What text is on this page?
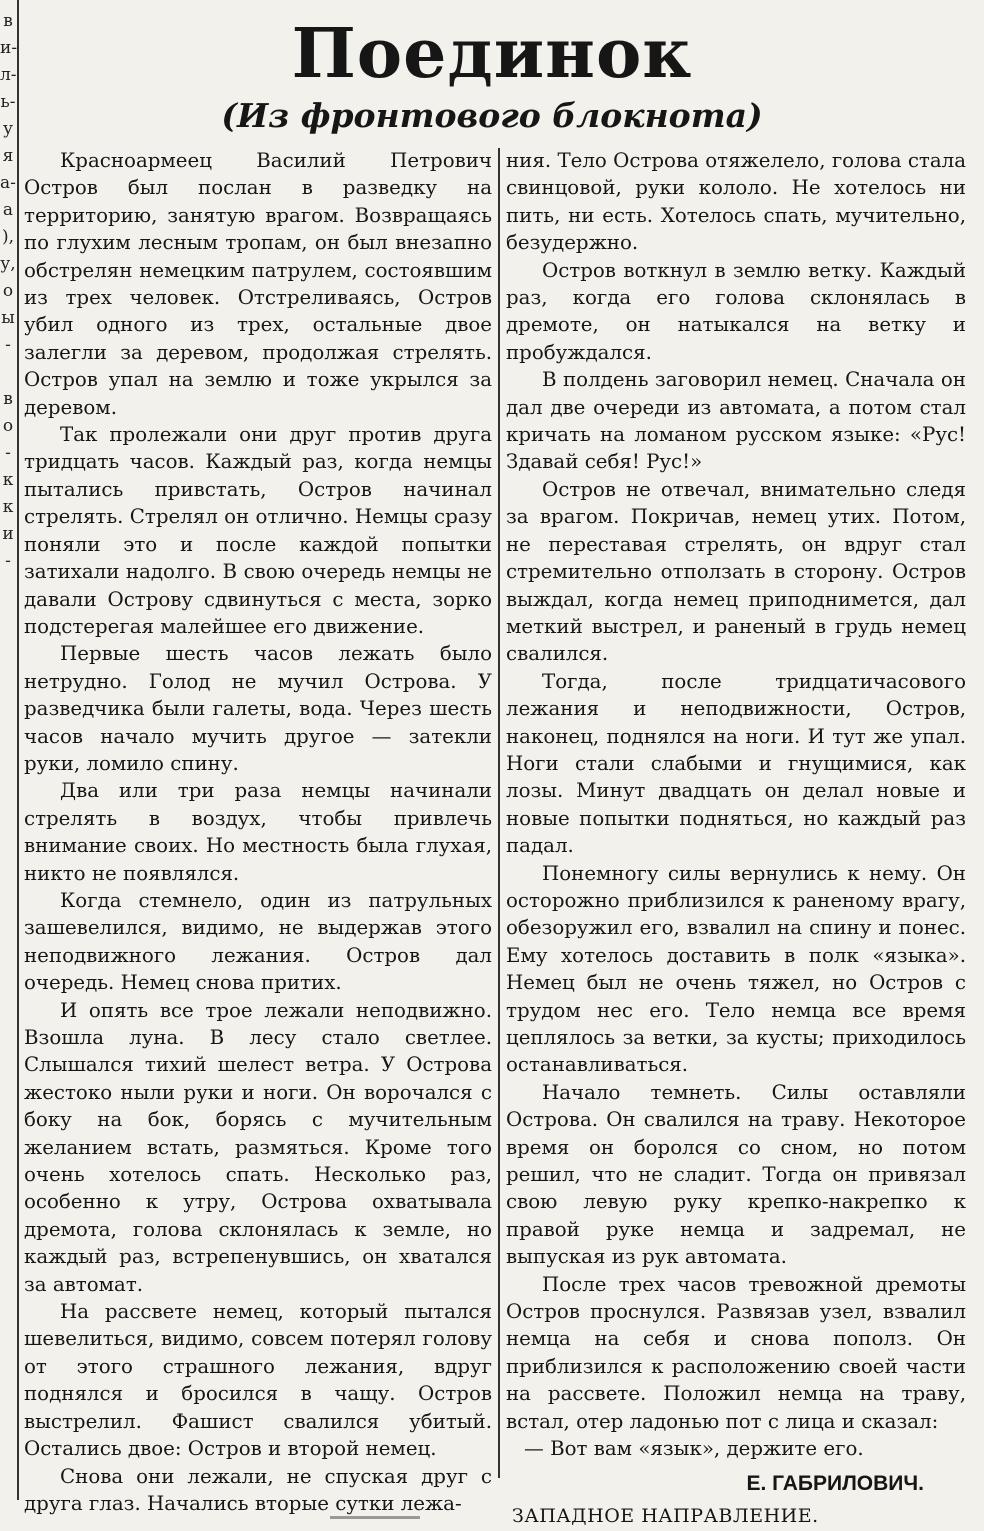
в
и-
л-
ь-
у
я
а-
а
),
у,
о
ы
-

в
о
-
к
к
и
-
Поединок
(Из фронтового блокнота)

Красноармеец Василий Петрович Остров был послан в разведку на территорию, занятую врагом. Возвращаясь по глухим лесным тропам, он был внезапно обстрелян немецким патрулем, состоявшим из трех человек. Отстреливаясь, Остров убил одного из трех, остальные двое залегли за деревом, продолжая стрелять. Остров упал на землю и тоже укрылся за деревом.

Так пролежали они друг против друга тридцать часов. Каждый раз, когда немцы пытались привстать, Остров начинал стрелять. Стрелял он отлично. Немцы сразу поняли это и после каждой попытки затихали надолго. В свою очередь немцы не давали Острову сдвинуться с места, зорко подстерегая малейшее его движение.

Первые шесть часов лежать было нетрудно. Голод не мучил Острова. У разведчика были галеты, вода. Через шесть часов начало мучить другое — затекли руки, ломило спину.

Два или три раза немцы начинали стрелять в воздух, чтобы привлечь внимание своих. Но местность была глухая, никто не появлялся.

Когда стемнело, один из патрульных зашевелился, видимо, не выдержав этого неподвижного лежания. Остров дал очередь. Немец снова притих.

И опять все трое лежали неподвижно. Взошла луна. В лесу стало светлее. Слышался тихий шелест ветра. У Острова жестоко ныли руки и ноги. Он ворочался с боку на бок, борясь с мучительным желанием встать, размяться. Кроме того очень хотелось спать. Несколько раз, особенно к утру, Острова охватывала дремота, голова склонялась к земле, но каждый раз, встрепенувшись, он хватался за автомат.

На рассвете немец, который пытался шевелиться, видимо, совсем потерял голову от этого страшного лежания, вдруг поднялся и бросился в чащу. Остров выстрелил. Фашист свалился убитый. Остались двое: Остров и второй немец.

Снова они лежали, не спуская друг с друга глаз. Начались вторые сутки лежа-

ния. Тело Острова отяжелело, голова стала свинцовой, руки кололо. Не хотелось ни пить, ни есть. Хотелось спать, мучительно, безудержно.

Остров воткнул в землю ветку. Каждый раз, когда его голова склонялась в дремоте, он натыкался на ветку и пробуждался.

В полдень заговорил немец. Сначала он дал две очереди из автомата, а потом стал кричать на ломаном русском языке: «Рус! Здавай себя! Рус!»

Остров не отвечал, внимательно следя за врагом. Покричав, немец утих. Потом, не переставая стрелять, он вдруг стал стремительно отползать в сторону. Остров выждал, когда немец приподнимется, дал меткий выстрел, и раненый в грудь немец свалился.

Тогда, после тридцатичасового лежания и неподвижности, Остров, наконец, поднялся на ноги. И тут же упал. Ноги стали слабыми и гнущимися, как лозы. Минут двадцать он делал новые и новые попытки подняться, но каждый раз падал.

Понемногу силы вернулись к нему. Он осторожно приблизился к раненому врагу, обезоружил его, взвалил на спину и понес. Ему хотелось доставить в полк «языка». Немец был не очень тяжел, но Остров с трудом нес его. Тело немца все время цеплялось за ветки, за кусты; приходилось останавливаться.

Начало темнеть. Силы оставляли Острова. Он свалился на траву. Некоторое время он боролся со сном, но потом решил, что не сладит. Тогда он привязал свою левую руку крепко-накрепко к правой руке немца и задремал, не выпуская из рук автомата.

После трех часов тревожной дремоты Остров проснулся. Развязав узел, взвалил немца на себя и снова пополз. Он приблизился к расположению своей части на рассвете. Положил немца на траву, встал, отер ладонью пот с лица и сказал:

— Вот вам «язык», держите его.

Е. ГАБРИЛОВИЧ.
ЗАПАДНОЕ НАПРАВЛЕНИЕ.
